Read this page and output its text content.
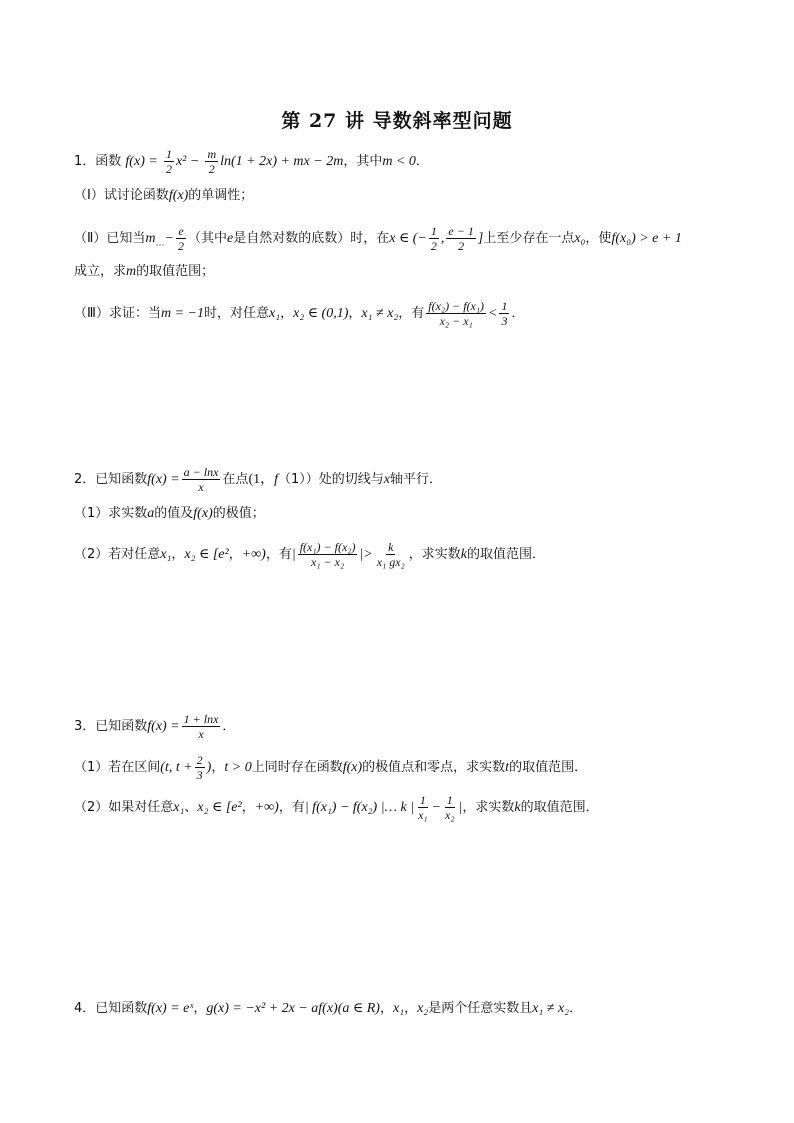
第 27 讲 导数斜率型问题
1．函数 $f(x) = \frac{1}{2} x^2 - \frac{m}{2} \ln(1 + 2x)$ + mx − 2m，其中m < 0．
（Ⅰ）试讨论函数f(x)的单调性；
（Ⅱ）已知当$m_\dots- \frac{e}{2}$ （其中e是自然对数的底数）时，在x ∈ (− $\frac{1}{2}$ , $\frac{e - 1}{2}$ ]上至少存在一点x₀，使f(x₀) > e + 1
成立，求m的取值范围；
（Ⅲ）求证：当m = −1时，对任意x₁，x₂ ∈ (0,1)，x₁ ≠ x₂，有 $\frac{\text{f(x₂) − f(x₁)}}{\text{x₂ − x₁}} < \frac{1}{3}$ ．
2．已知函数$f(x) = \frac{a - \ln x}{x}$ 在点(1，f（1））处的切线与x轴平行．
（1）求实数a的值及f(x)的极值；
（2）若对任意x₁，x₂ ∈ [e²，+∞)，有| $\frac{\text{f(x₁) − f(x₂)}}{\text{x₁ − x₂}}$ |> $\frac{k}{\text{x₁ gx₂}}$ ，求实数k的取值范围．
3．已知函数$f(x) = \frac{1 + \ln x}{x}$ ．
（1）若在区间(t, $t + \frac{2}{3}$ )，t > 0上同时存在函数f(x)的极值点和零点，求实数t的取值范围．
（2）如果对任意x₁、x₂ ∈ [e²，+∞)，有| f(x₁) − f(x₂) |… k | $\frac{1}{\text{x₁}} - \frac{1}{\text{x₂}}$ |，求实数k的取值范围．
4．已知函数f(x) = eˣ，g(x) = −x² + 2x − af(x)(a ∈ R)，x₁，x₂是两个任意实数且x₁ ≠ x₂．
